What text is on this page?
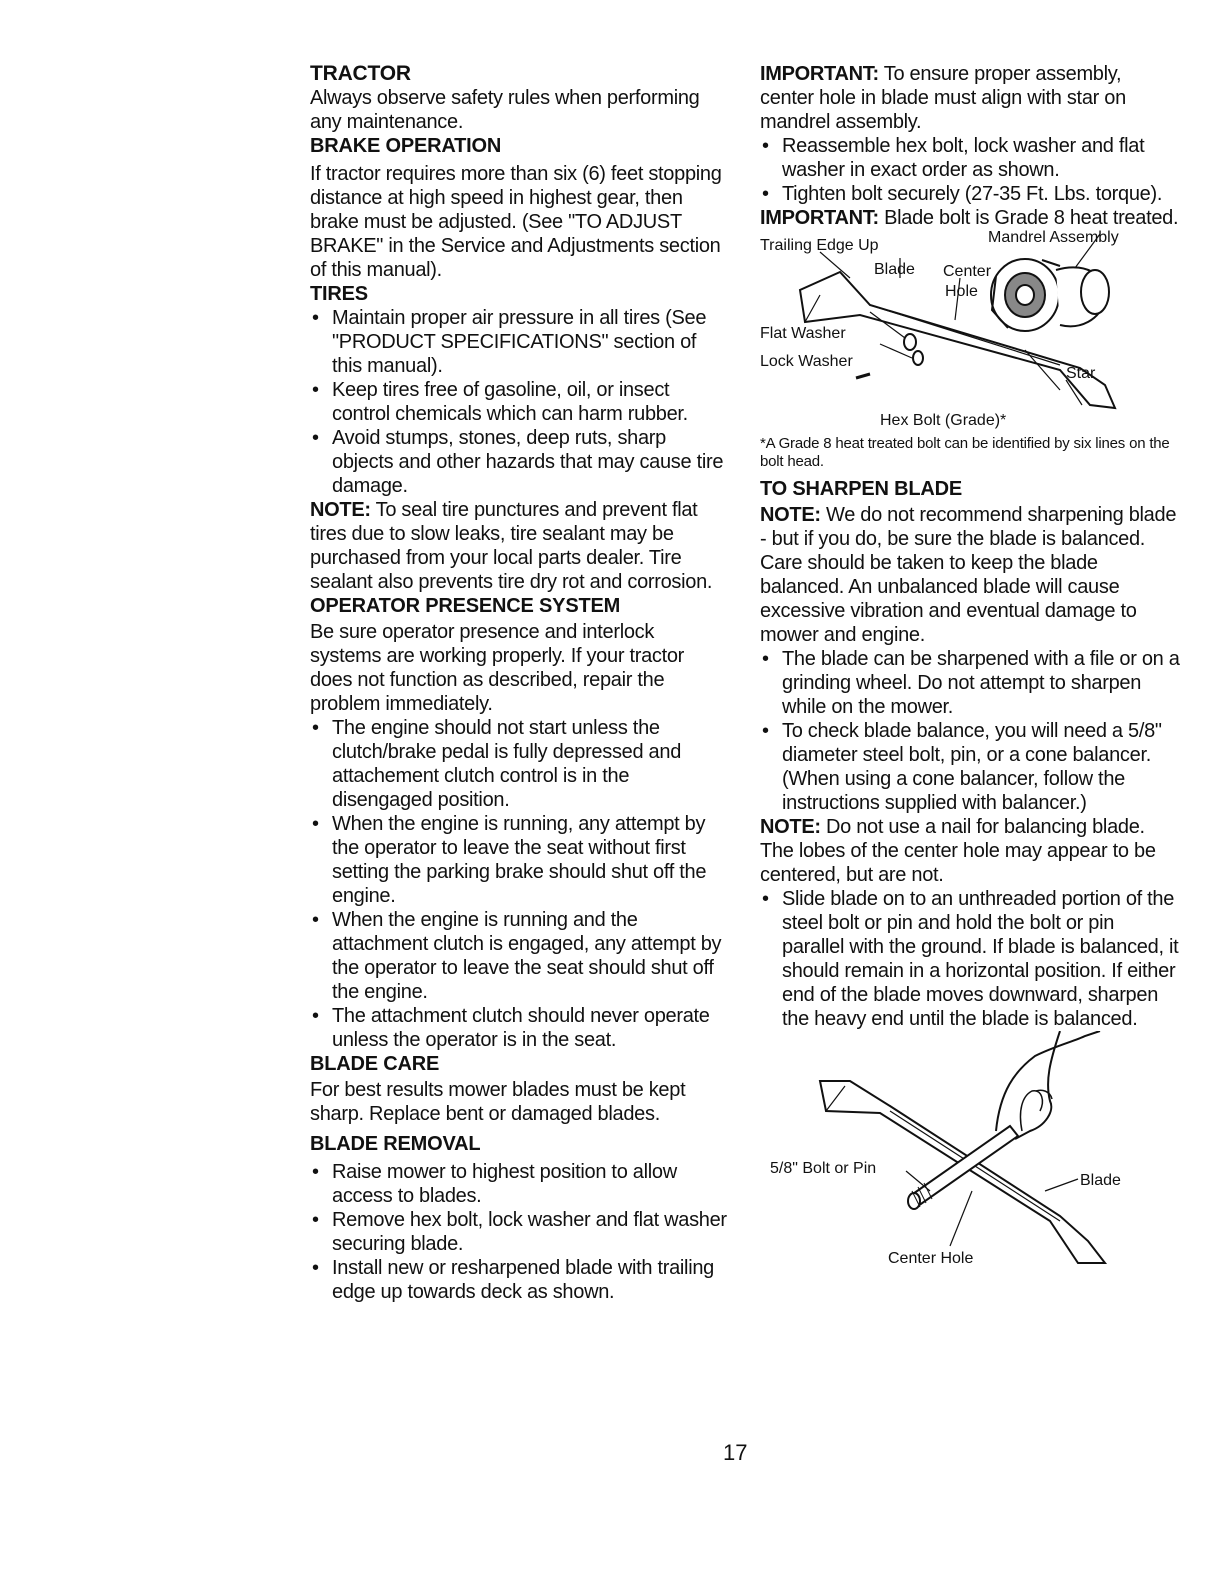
TRACTOR

Always observe safety rules when performing any maintenance.

BRAKE OPERATION

If tractor requires more than six (6) feet stopping distance at high speed in highest gear, then brake must be adjusted. (See "TO ADJUST BRAKE" in the Service and Adjustments section of this manual).

TIRES
• Maintain proper air pressure in all tires (See "PRODUCT SPECIFICATIONS" section of this manual).
• Keep tires free of gasoline, oil, or insect control chemicals which can harm rubber.
• Avoid stumps, stones, deep ruts, sharp objects and other hazards that may cause tire damage.

NOTE: To seal tire punctures and prevent flat tires due to slow leaks, tire sealant may be purchased from your local parts dealer. Tire sealant also prevents tire dry rot and corrosion.

OPERATOR PRESENCE SYSTEM

Be sure operator presence and interlock systems are working properly. If your tractor does not function as described, repair the problem immediately.

• The engine should not start unless the clutch/brake pedal is fully depressed and attachement clutch control is in the disengaged position.
• When the engine is running, any attempt by the operator to leave the seat without first setting the parking brake should shut off the engine.
• When the engine is running and the attachment clutch is engaged, any attempt by the operator to leave the seat should shut off the engine.
• The attachment clutch should never operate unless the operator is in the seat.
BLADE CARE

For best results mower blades must be kept sharp. Replace bent or damaged blades.

BLADE REMOVAL
• Raise mower to highest position to allow access to blades.
• Remove hex bolt, lock washer and flat washer securing blade.
• Install new or resharpened blade with trailing edge up towards deck as shown.

IMPORTANT: To ensure proper assembly, center hole in blade must align with star on mandrel assembly.

• Reassemble hex bolt, lock washer and flat washer in exact order as shown.
• Tighten bolt securely (27-35 Ft. Lbs. torque).

IMPORTANT: Blade bolt is Grade 8 heat treated.

Trailing Edge Up	Mandrel Assembly
Blade Center
Hole
Flat Washer
Lock Washer
Star
Hex Bolt (Grade)*

*A Grade 8 heat treated bolt can be identified by six lines on the bolt head.

TO SHARPEN BLADE

NOTE: We do not recommend sharpening blade - but if you do, be sure the blade is balanced.

Care should be taken to keep the blade balanced. An unbalanced blade will cause excessive vibration and eventual damage to mower and engine.

• The blade can be sharpened with a file or on a grinding wheel. Do not attempt to sharpen while on the mower.
• To check blade balance, you will need a 5/8" diameter steel bolt, pin, or a cone balancer. (When using a cone balancer, follow the instructions supplied with balancer.)

NOTE: Do not use a nail for balancing blade. The lobes of the center hole may appear to be centered, but are not.

• Slide blade on to an unthreaded portion of the steel bolt or pin and hold the bolt or pin parallel with the ground. If blade is balanced, it should remain in a horizontal position. If either end of the blade moves downward, sharpen the heavy end until the blade is balanced.
5/8" Bolt or Pin
Blade
Center Hole
17
